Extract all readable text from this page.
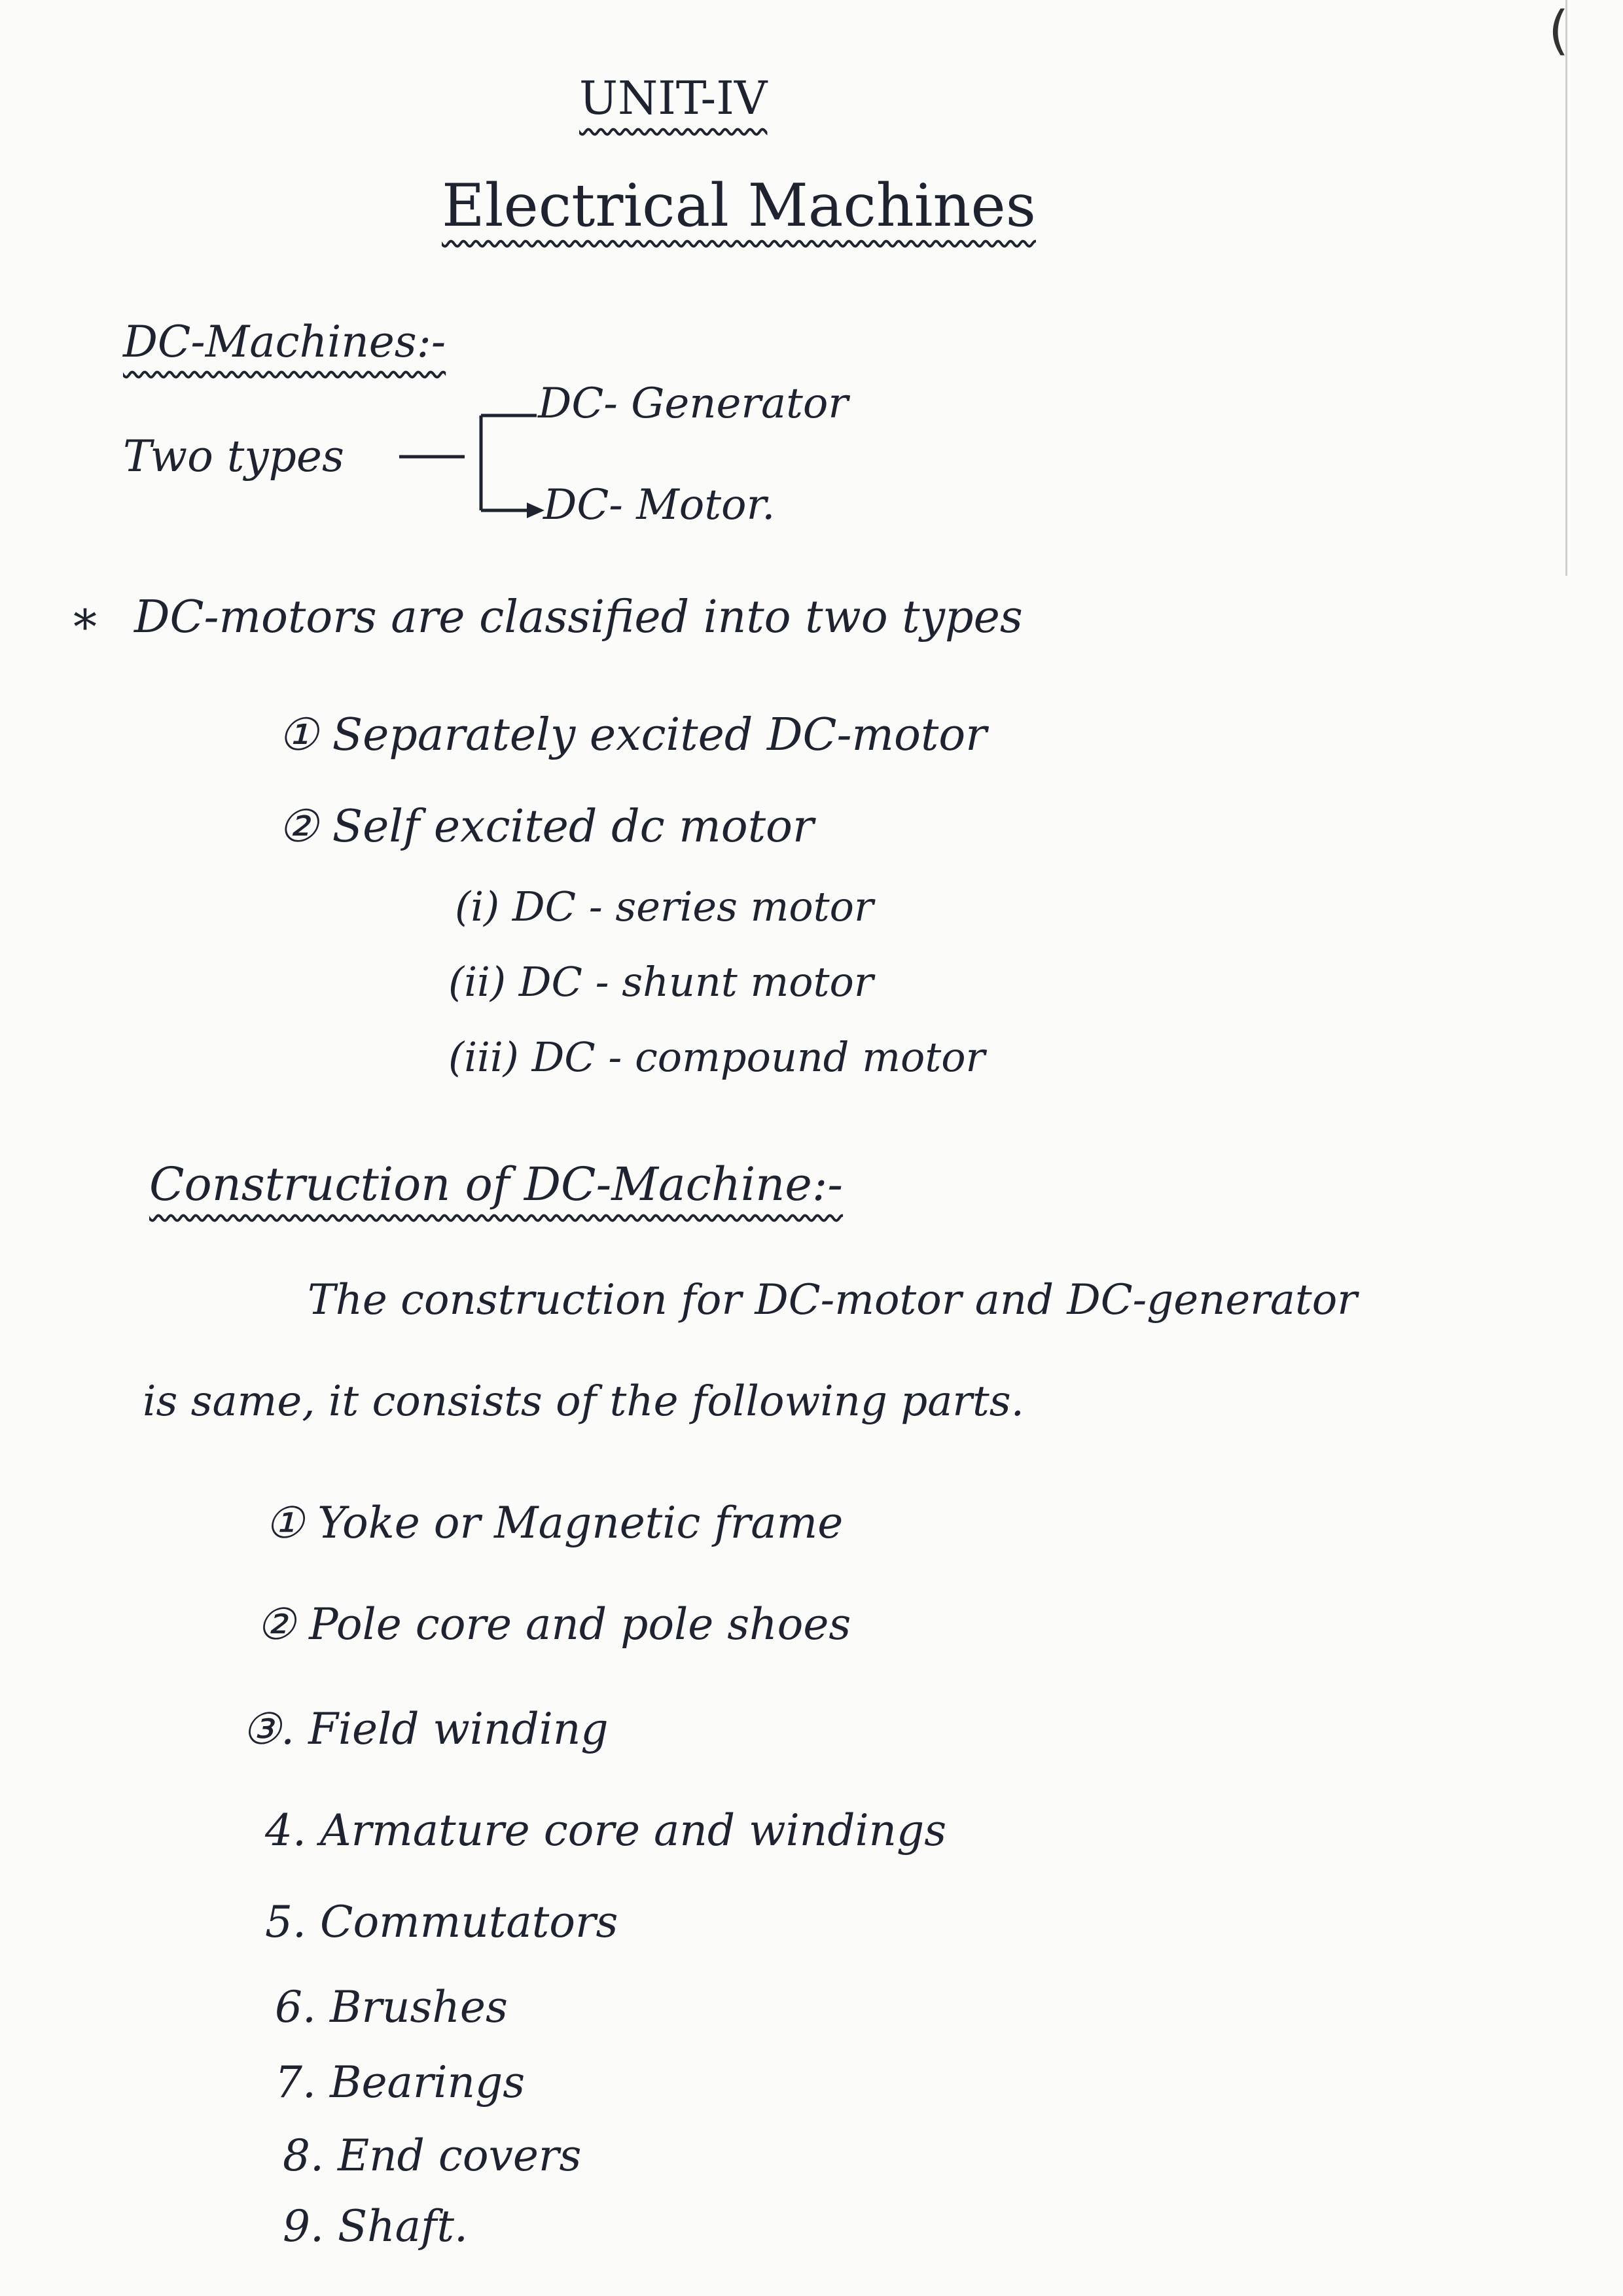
(
UNIT-IV
Electrical Machines
DC-Machines:-
Two types
DC- Generator
DC- Motor.
* DC-motors are classified into two types
① Separately excited DC-motor
② Self excited dc motor
(i) DC - series motor
(ii) DC - shunt motor
(iii) DC - compound motor
Construction of DC-Machine:-
The construction for DC-motor and DC-generator
is same, it consists of the following parts.
① Yoke or Magnetic frame
② Pole core and pole shoes
③. Field winding
4. Armature core and windings
5. Commutators
6. Brushes
7. Bearings
8. End covers
9. Shaft.
